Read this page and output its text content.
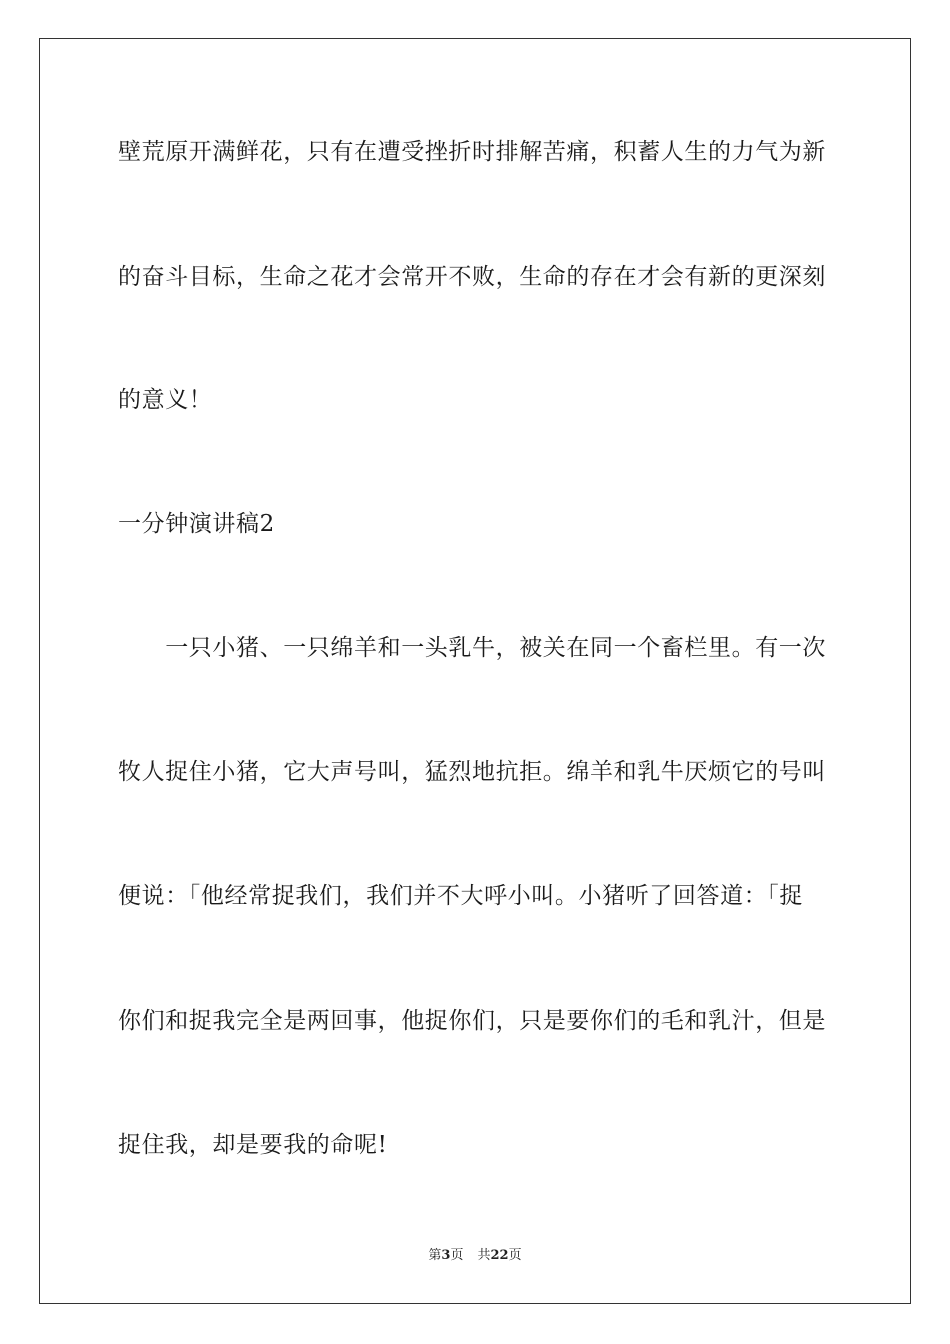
壁荒原开满鲜花，只有在遭受挫折时排解苦痛，积蓄人生的力气为新
的奋斗目标，生命之花才会常开不败，生命的存在才会有新的更深刻
的意义！
一分钟演讲稿2
　　一只小猪、一只绵羊和一头乳牛，被关在同一个畜栏里。有一次
牧人捉住小猪，它大声号叫，猛烈地抗拒。绵羊和乳牛厌烦它的号叫
便说：「他经常捉我们，我们并不大呼小叫。小猪听了回答道：「捉
你们和捉我完全是两回事，他捉你们，只是要你们的毛和乳汁，但是
捉住我，却是要我的命呢!
第3页 共22页
